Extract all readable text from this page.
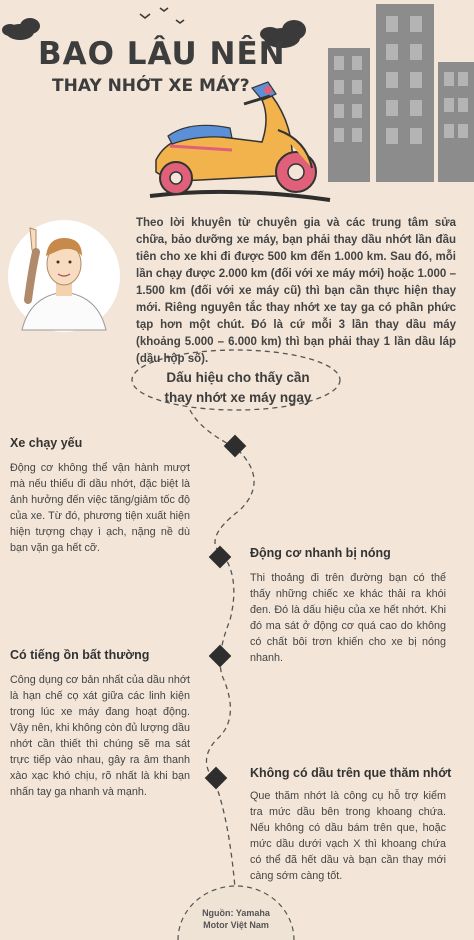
BAO LÂU NÊN
THAY NHỚT XE MÁY?
Theo lời khuyên từ chuyên gia và các trung tâm sửa chữa, bảo dưỡng xe máy, bạn phải thay dầu nhớt lần đầu tiên cho xe khi đi được 500 km đến 1.000 km. Sau đó, mỗi lần chạy được 2.000 km (đối với xe máy mới) hoặc 1.000 – 1.500 km (đối với xe máy cũ) thì bạn cần thực hiện thay mới. Riêng nguyên tắc thay nhớt xe tay ga có phần phức tạp hơn một chút. Đó là cứ mỗi 3 lần thay dầu máy (khoảng 5.000 – 6.000 km) thì bạn phải thay 1 lần dầu láp (dầu hộp số).
Dấu hiệu cho thấy cần
thay nhớt xe máy ngay
Xe chạy yếu
Động cơ không thể vận hành mượt mà nếu thiếu đi dầu nhớt, đặc biệt là ảnh hưởng đến việc tăng/giảm tốc độ của xe. Từ đó, phương tiện xuất hiện hiện tượng chạy ì ạch, nặng nề dù bạn vặn ga hết cỡ.	Động cơ nhanh bị nóng
Thi thoảng đi trên đường bạn có thể thấy những chiếc xe khác thải ra khói đen. Đó là dấu hiệu của xe hết nhớt. Khi đó ma sát ở động cơ quá cao do không có chất bôi trơn khiến cho xe bị nóng nhanh.
Có tiếng ồn bất thường
Công dụng cơ bản nhất của dầu nhớt là hạn chế cọ xát giữa các linh kiện trong lúc xe máy đang hoạt động. Vậy nên, khi không còn đủ lượng dầu nhớt cần thiết thì chúng sẽ ma sát trực tiếp vào nhau, gây ra âm thanh xào xạc khó chịu, rõ nhất là khi bạn nhấn tay ga nhanh và mạnh.
Không có dầu trên que thăm nhớt
Que thăm nhớt là công cụ hỗ trợ kiểm tra mức dầu bên trong khoang chứa. Nếu không có dầu bám trên que, hoặc mức dầu dưới vạch X thì khoang chứa có thể đã hết dầu và bạn cần thay mới càng sớm càng tốt.
Nguồn: Yamaha
Motor Việt Nam
